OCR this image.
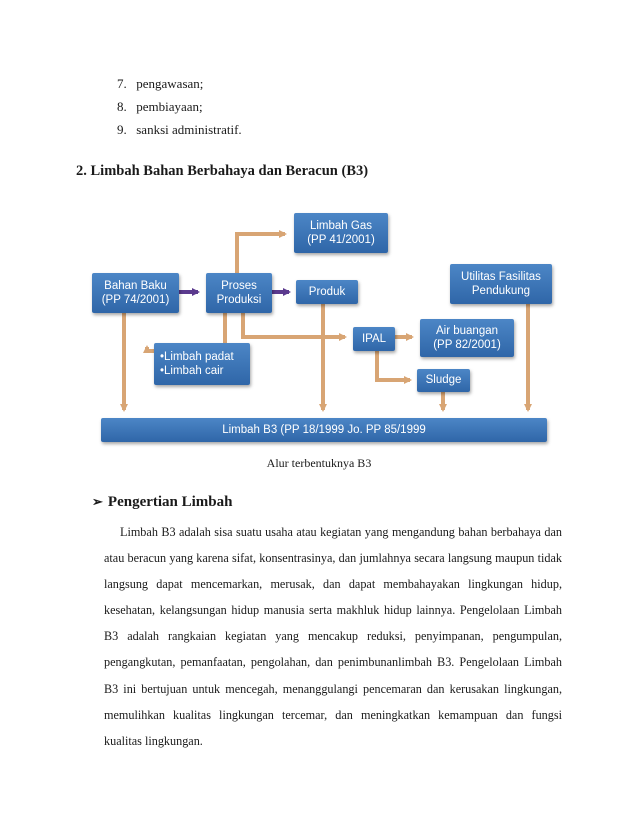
7. pengawasan;
8. pembiayaan;
9. sanksi administratif.
2. Limbah Bahan Berbahaya dan Beracun (B3)
Limbah Gas
(PP 41/2001)
Bahan Baku
(PP 74/2001)
Proses
Produksi
Produk
Utilitas Fasilitas
Pendukung
IPAL
Air buangan
(PP 82/2001)
•Limbah padat
•Limbah cair
Sludge
Limbah B3 (PP 18/1999 Jo. PP 85/1999
Alur terbentuknya B3
➢ Pengertian Limbah
Limbah B3 adalah sisa suatu usaha atau kegiatan yang mengandung bahan berbahaya dan atau beracun yang karena sifat, konsentrasinya, dan jumlahnya secara langsung maupun tidak langsung dapat mencemarkan, merusak, dan dapat membahayakan lingkungan hidup, kesehatan, kelangsungan hidup manusia serta makhluk hidup lainnya. Pengelolaan Limbah B3 adalah rangkaian kegiatan yang mencakup reduksi, penyimpanan, pengumpulan, pengangkutan, pemanfaatan, pengolahan, dan penimbunanlimbah B3. Pengelolaan Limbah B3 ini bertujuan untuk mencegah, menanggulangi pencemaran dan kerusakan lingkungan, memulihkan kualitas lingkungan tercemar, dan meningkatkan kemampuan dan fungsi kualitas lingkungan.
